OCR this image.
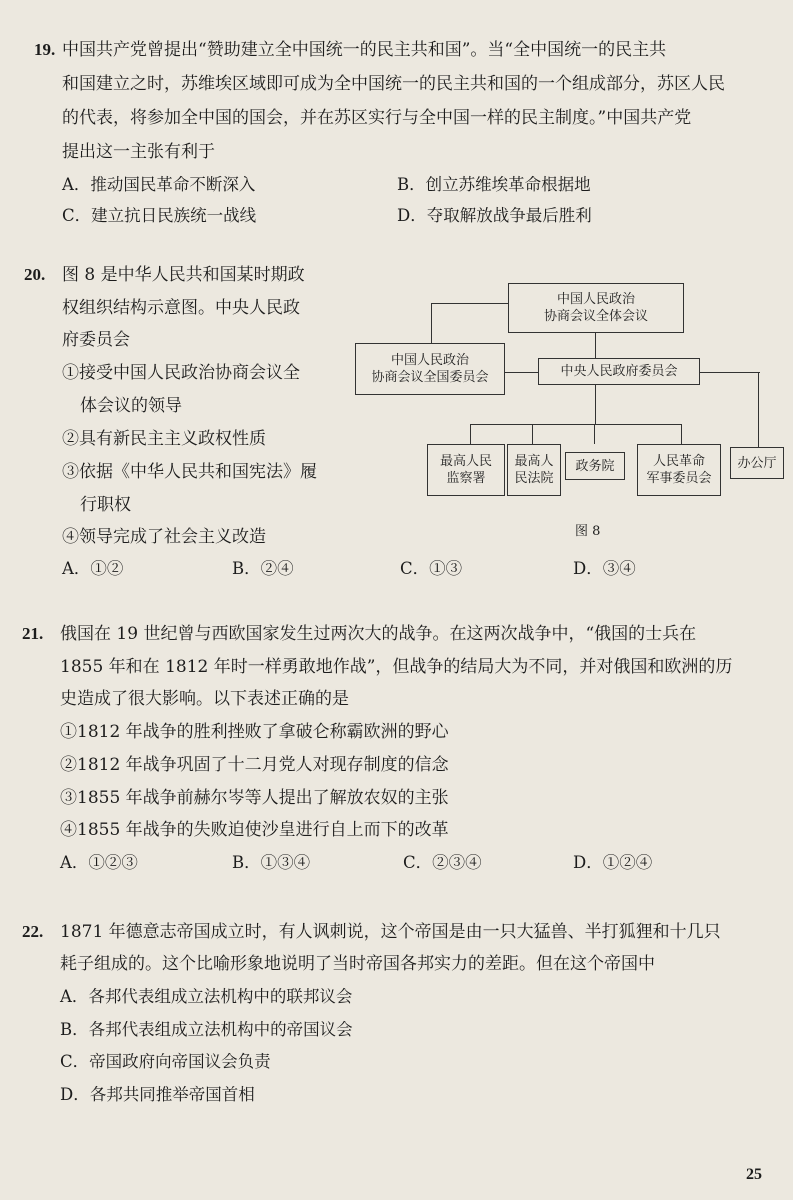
19. 中国共产党曾提出“赞助建立全中国统一的民主共和国”。当“全中国统一的民主共
和国建立之时，苏维埃区域即可成为全中国统一的民主共和国的一个组成部分，苏区人民
的代表，将参加全中国的国会，并在苏区实行与全中国一样的民主制度。”中国共产党
提出这一主张有利于
A．推动国民革命不断深入	B．创立苏维埃革命根据地
C．建立抗日民族统一战线	D．夺取解放战争最后胜利
20. 图 8 是中华人民共和国某时期政
权组织结构示意图。中央人民政
府委员会
①接受中国人民政治协商会议全
体会议的领导
②具有新民主主义政权性质
③依据《中华人民共和国宪法》履
行职权
④领导完成了社会主义改造
A．①②	B．②④	C．①③	D．③④
中国人民政治
协商会议全体会议
中国人民政治
协商会议全国委员会	中央人民政府委员会
最高人民
监察署
最高人
民法院
政务院	人民革命
军事委员会
办公厅
图 8
21. 俄国在 19 世纪曾与西欧国家发生过两次大的战争。在这两次战争中，“俄国的士兵在
1855 年和在 1812 年时一样勇敢地作战”，但战争的结局大为不同，并对俄国和欧洲的历
史造成了很大影响。以下表述正确的是
①1812 年战争的胜利挫败了拿破仑称霸欧洲的野心
②1812 年战争巩固了十二月党人对现存制度的信念
③1855 年战争前赫尔岑等人提出了解放农奴的主张
④1855 年战争的失败迫使沙皇进行自上而下的改革
A．①②③	B．①③④	C．②③④	D．①②④
22. 1871 年德意志帝国成立时，有人讽刺说，这个帝国是由一只大猛兽、半打狐狸和十几只
耗子组成的。这个比喻形象地说明了当时帝国各邦实力的差距。但在这个帝国中
A．各邦代表组成立法机构中的联邦议会
B．各邦代表组成立法机构中的帝国议会
C．帝国政府向帝国议会负责
D．各邦共同推举帝国首相
25
